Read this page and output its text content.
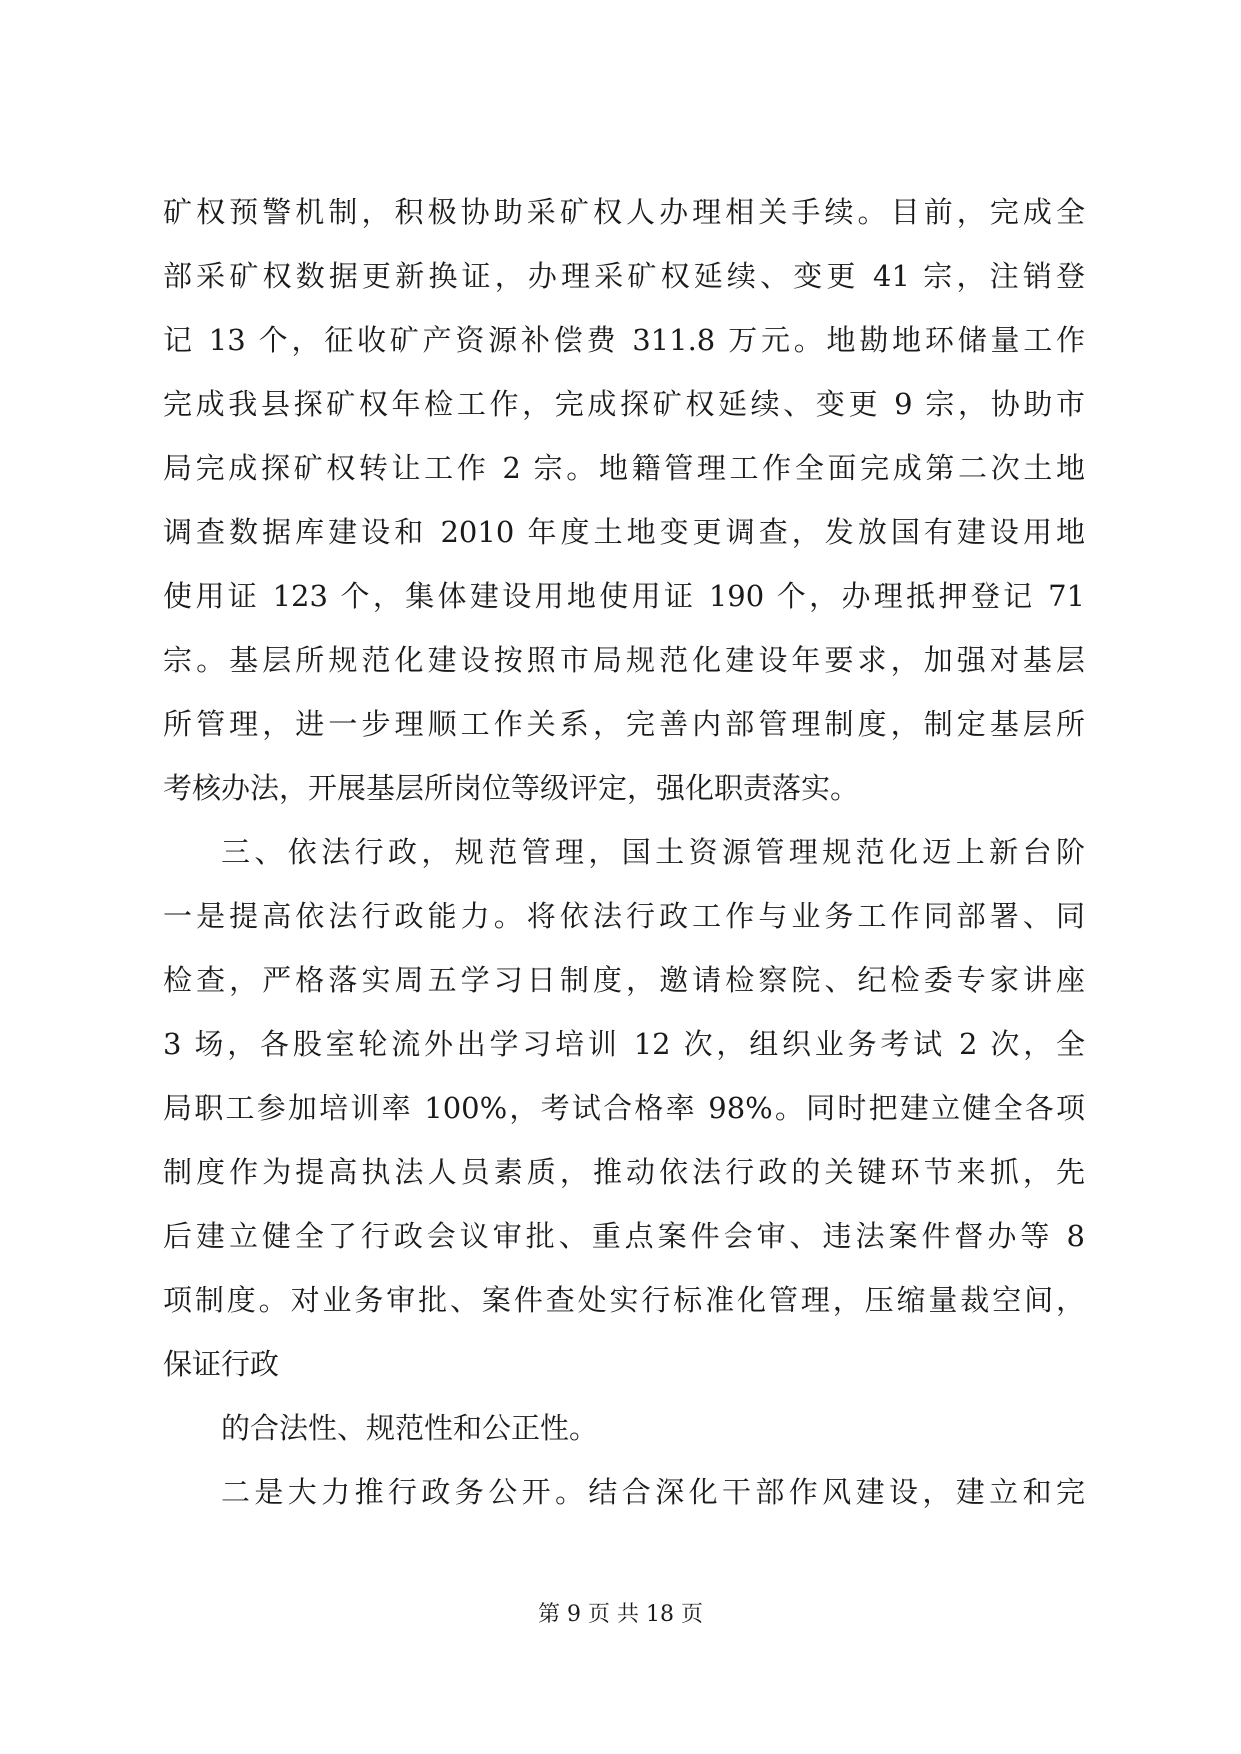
矿权预警机制，积极协助采矿权人办理相关手续。目前，完成全
部采矿权数据更新换证，办理采矿权延续、变更 41 宗，注销登
记 13 个，征收矿产资源补偿费 311.8 万元。地勘地环储量工作
完成我县探矿权年检工作，完成探矿权延续、变更 9 宗，协助市
局完成探矿权转让工作 2 宗。地籍管理工作全面完成第二次土地
调查数据库建设和 2010 年度土地变更调查，发放国有建设用地
使用证 123 个，集体建设用地使用证 190 个，办理抵押登记 71
宗。基层所规范化建设按照市局规范化建设年要求，加强对基层
所管理，进一步理顺工作关系，完善内部管理制度，制定基层所
考核办法，开展基层所岗位等级评定，强化职责落实。
三、依法行政，规范管理，国土资源管理规范化迈上新台阶
一是提高依法行政能力。将依法行政工作与业务工作同部署、同
检查，严格落实周五学习日制度，邀请检察院、纪检委专家讲座
3 场，各股室轮流外出学习培训 12 次，组织业务考试 2 次，全
局职工参加培训率 100%，考试合格率 98%。同时把建立健全各项
制度作为提高执法人员素质，推动依法行政的关键环节来抓，先
后建立健全了行政会议审批、重点案件会审、违法案件督办等 8
项制度。对业务审批、案件查处实行标准化管理，压缩量裁空间，
保证行政
的合法性、规范性和公正性。
二是大力推行政务公开。结合深化干部作风建设，建立和完
第 9 页 共 18 页
